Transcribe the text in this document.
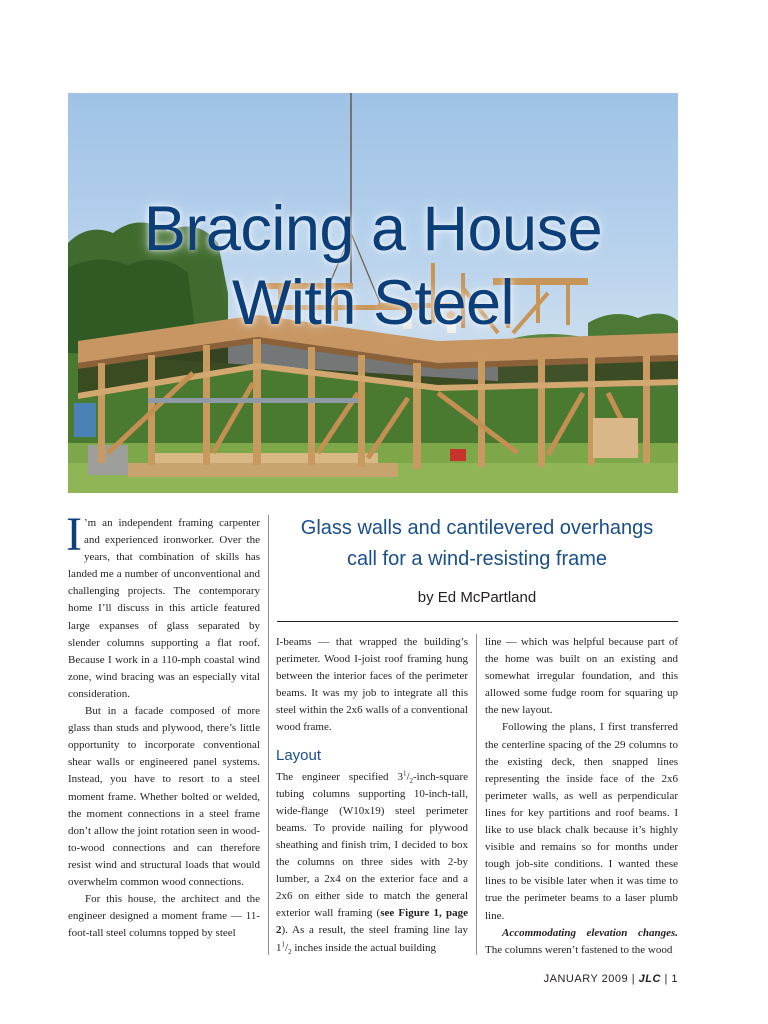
Bracing a House
With Steel
Glass walls and cantilevered overhangs
call for a wind-resisting frame
by Ed McPartland

I ’m an independent framing carpenter and experienced ironworker. Over the years, that combination of skills has landed me a number of unconventional and challenging projects. The contemporary home I’ll discuss in this article featured large expanses of glass separated by slender columns supporting a flat roof. Because I work in a 110-mph coastal wind zone, wind bracing was an especially vital consideration.

But in a facade composed of more glass than studs and plywood, there’s little opportunity to incorporate conventional shear walls or engineered panel systems. Instead, you have to resort to a steel moment frame. Whether bolted or welded, the moment connections in a steel frame don’t allow the joint rotation seen in wood-to-wood connections and can therefore resist wind and structural loads that would overwhelm common wood connections.

For this house, the architect and the engineer designed a moment frame — 11-foot-tall steel columns topped by steel

I-beams — that wrapped the building’s perimeter. Wood I-joist roof framing hung between the interior faces of the perimeter beams. It was my job to integrate all this steel within the 2x6 walls of a conventional wood frame.

Layout

The engineer specified $3^1/_2-inch$-square tubing columns supporting 10-inch-tall, wide-flange (W10x19) steel perimeter beams. To provide nailing for plywood sheathing and finish trim, I decided to box the columns on three sides with 2-by lumber, a 2x4 on the exterior face and a 2x6 on either side to match the general exterior wall framing (see Figure 1, page 2). As a result, the steel framing line lay $1^1/_2$ inches inside the actual building

line — which was helpful because part of the home was built on an existing and somewhat irregular foundation, and this allowed some fudge room for squaring up the new layout.

Following the plans, I first transferred the centerline spacing of the 29 columns to the existing deck, then snapped lines representing the inside face of the 2x6 perimeter walls, as well as perpendicular lines for key partitions and roof beams. I like to use black chalk because it’s highly visible and remains so for months under tough job-site conditions. I wanted these lines to be visible later when it was time to true the perimeter beams to a laser plumb line.

Accommodating elevation changes. The columns weren’t fastened to the wood

JANUARY 2009 | JLC | 1
